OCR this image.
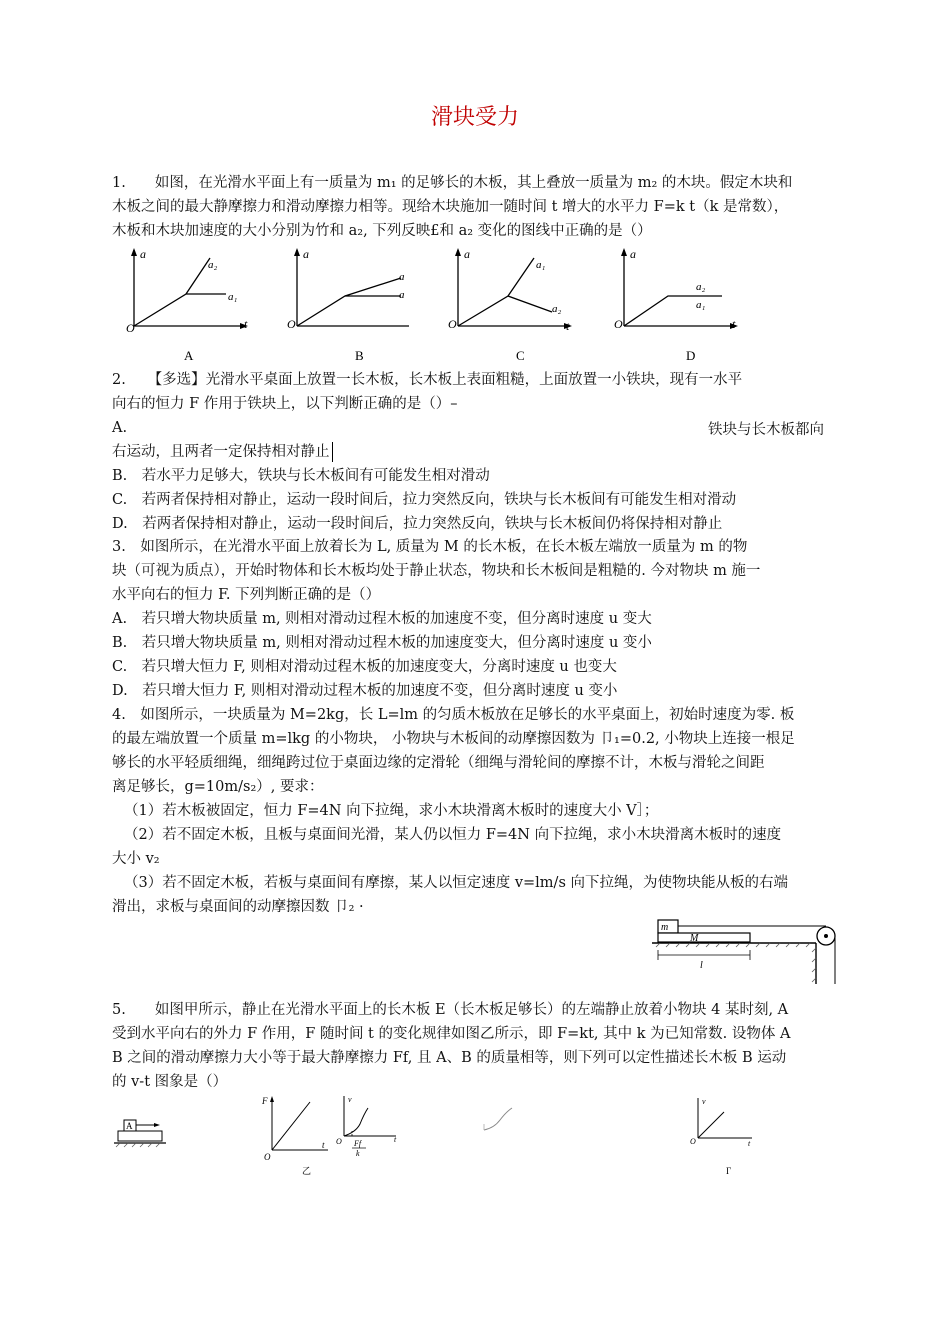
滑块受力
1.　　如图，在光滑水平面上有一质量为 m₁ 的足够长的木板，其上叠放一质量为 m₂ 的木块。假定木块和
木板之间的最大静摩擦力和滑动摩擦力相等。现给木块施加一随时间 t 增大的水平力 F=k t（k 是常数），
木板和木块加速度的大小分别为竹和 a₂, 下列反映£和 a₂ 变化的图线中正确的是（）
a
t
O
a₂
a₁
A
a
O
a
a
B
a
t
O
a₁
a₂
C
a
t
O
a₂
a₁
D
2.　　【多选】光滑水平桌面上放置一长木板，长木板上表面粗糙，上面放置一小铁块，现有一水平
向右的恒力 F 作用于铁块上，以下判断正确的是（）–
A.	铁块与长木板都向
右运动，且两者一定保持相对静止
B.　若水平力足够大，铁块与长木板间有可能发生相对滑动
C.　若两者保持相对静止，运动一段时间后，拉力突然反向，铁块与长木板间有可能发生相对滑动
D.　若两者保持相对静止，运动一段时间后，拉力突然反向，铁块与长木板间仍将保持相对静止
3.　如图所示，在光滑水平面上放着长为 L, 质量为 M 的长木板，在长木板左端放一质量为 m 的物
块（可视为质点），开始时物体和长木板均处于静止状态，物块和长木板间是粗糙的. 今对物块 m 施一
水平向右的恒力 F. 下列判断正确的是（）
A.　若只增大物块质量 m, 则相对滑动过程木板的加速度不变，但分离时速度 u 变大
B.　若只增大物块质量 m, 则相对滑动过程木板的加速度变大，但分离时速度 u 变小
C.　若只增大恒力 F, 则相对滑动过程木板的加速度变大，分离时速度 u 也变大
D.　若只增大恒力 F, 则相对滑动过程木板的加速度不变，但分离时速度 u 变小
4.　如图所示，一块质量为 M=2kg，长 L=lm 的匀质木板放在足够长的水平桌面上，初始时速度为零. 板
的最左端放置一个质量 m=lkg 的小物块， 小物块与木板间的动摩擦因数为 卩₁=0.2, 小物块上连接一根足
够长的水平轻质细绳，细绳跨过位于桌面边缘的定滑轮（细绳与滑轮间的摩擦不计，木板与滑轮之间距
离足够长，g=10m/s₂）, 要求：
（1）若木板被固定，恒力 F=4N 向下拉绳，求小木块滑离木板时的速度大小 V］；
（2）若不固定木板，且板与桌面间光滑，某人仍以恒力 F=4N 向下拉绳，求小木块滑离木板时的速度
大小 v₂
（3）若不固定木板，若板与桌面间有摩擦，某人以恒定速度 v=lm/s 向下拉绳，为使物块能从板的右端
滑出，求板与桌面间的动摩擦因数 卩₂ ·
m
M
l
5.　　如图甲所示，静止在光滑水平面上的长木板 E（长木板足够长）的左端静止放着小物块 4 某时刻, A
受到水平向右的外力 F 作用，F 随时间 t 的变化规律如图乙所示，即 F=kt, 其中 k 为已知常数. 设物体 A
B 之间的滑动摩擦力大小等于最大静摩擦力 Ff, 且 A、B 的质量相等，则下列可以定性描述长木板 B 运动
的 v-t 图象是（）
A
F
t
O
乙
v
t
O Ff
k
v
t
O
Γ
